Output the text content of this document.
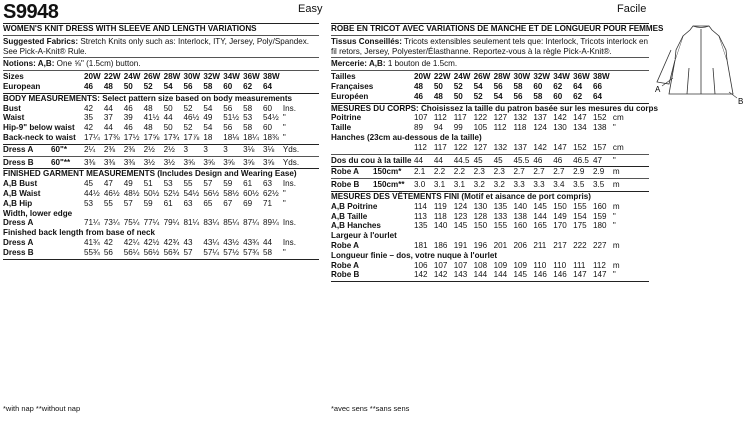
S9948	Easy	Facile
WOMEN'S KNIT DRESS WITH SLEEVE AND LENGTH VARIATIONS
Suggested Fabrics: Stretch Knits only such as: Interlock, ITY, Jersey, Poly/Spandex. See Pick-A-Knit® Rule.
Notions: A,B: One ⅝" (1.5cm) button.
Sizes	20W 22W 24W 26W 28W 30W 32W 34W 36W 38W
European	46	48	50	52	54	56	58	60	62	64
BODY MEASUREMENTS: Select pattern size based on body measurements
Bust	42	44	46	48	50	52	54	56	58	60	Ins.
Waist	35	37	39	41½ 44	46½ 49	51½ 53	54½ "
Hip-9" below waist	42	44	46	48	50	52	54	56	58	60	"
Back-neck to waist	17¼ 17⅜ 17½ 17⅝ 17¾ 17⅞ 18	18⅛ 18¼ 18⅜ "
Dress A	60"*	2¼	2⅜	2⅜	2½	2½	3	3	3	3⅛	3⅛	Yds.
Dress B	60"**	3⅜	3⅜	3⅜	3½	3½	3⅝	3⅝	3⅝	3⅝	3⅝	Yds.
FINISHED GARMENT MEASUREMENTS (Includes Design and Wearing Ease)
A,B Bust	45	47	49	51	53	55	57	59	61	63	Ins.
A,B Waist	44½ 46½ 48½ 50½ 52½ 54½ 56½ 58½ 60½ 62½ "
A,B Hip	53	55	57	59	61	63	65	67	69	71	"
Width, lower edge
Dress A	71¼ 73¼ 75¼ 77¼ 79¼ 81¼ 83¼ 85¼ 87¼ 89¼ Ins.
Finished back length from base of neck
Dress A	41¾ 42	42¼ 42½ 42¾ 43	43¼ 43½ 43¾ 44	Ins.
Dress B	55¾ 56	56¼ 56½ 56¾ 57	57¼ 57½ 57¾ 58	"
ROBE EN TRICOT AVEC VARIATIONS DE MANCHE ET DE LONGUEUR POUR FEMMES
Tissus Conseillés: Tricots extensibles seulement tels que: Interlock, Tricots interlock en fil retors, Jersey, Polyester/Élasthanne. Reportez-vous à la règle Pick-A-Knit®.
Mercerie: A,B: 1 bouton de 1.5cm.
Tailles	20W 22W 24W 26W 28W 30W 32W 34W 36W 38W
Françaises	48	50	52	54	56	58	60	62	64	66
Européen	46	48	50	52	54	56	58	60	62	64
MESURES DU CORPS: Choisissez la taille du patron basée sur les mesures du corps
Poitrine	107 112 117 122 127 132 137 142 147 152 cm
Taille	89	94	99	105 112 118 124 130 134 138 "
Hanches (23cm au-dessous de la taille)
112 117 122 127 132 137 142 147 152 157 cm
Dos du cou à la taille 44	44	44.5 45	45	45.5 46	46	46.5 47	"
Robe A	150cm*	2.1	2.2	2.2	2.3	2.3	2.7	2.7	2.7	2.9	2.9	m
Robe B	150cm**	3.0	3.1	3.1	3.2	3.2	3.3	3.3	3.4	3.5	3.5	m
MESURES DES VÊTEMENTS FINI (Motif et aisance de port compris)
A,B Poitrine	114 119 124 130 135 140 145 150 155 160 m
A,B Taille	113 118 123 128 133 138 144 149 154 159 "
A,B Hanches	135 140 145 150 155 160 165 170 175 180 "
Largeur à l'ourlet
Robe A	181 186 191 196 201 206 211 217 222 227 m
Longueur finie – dos, votre nuque à l'ourlet
Robe A	106 107 107 108 109 109 110 110 111 112 m
Robe B	142 142 143 144 144 145 146 146 147 147 "
A
B
*with nap **without nap	*avec sens **sans sens
